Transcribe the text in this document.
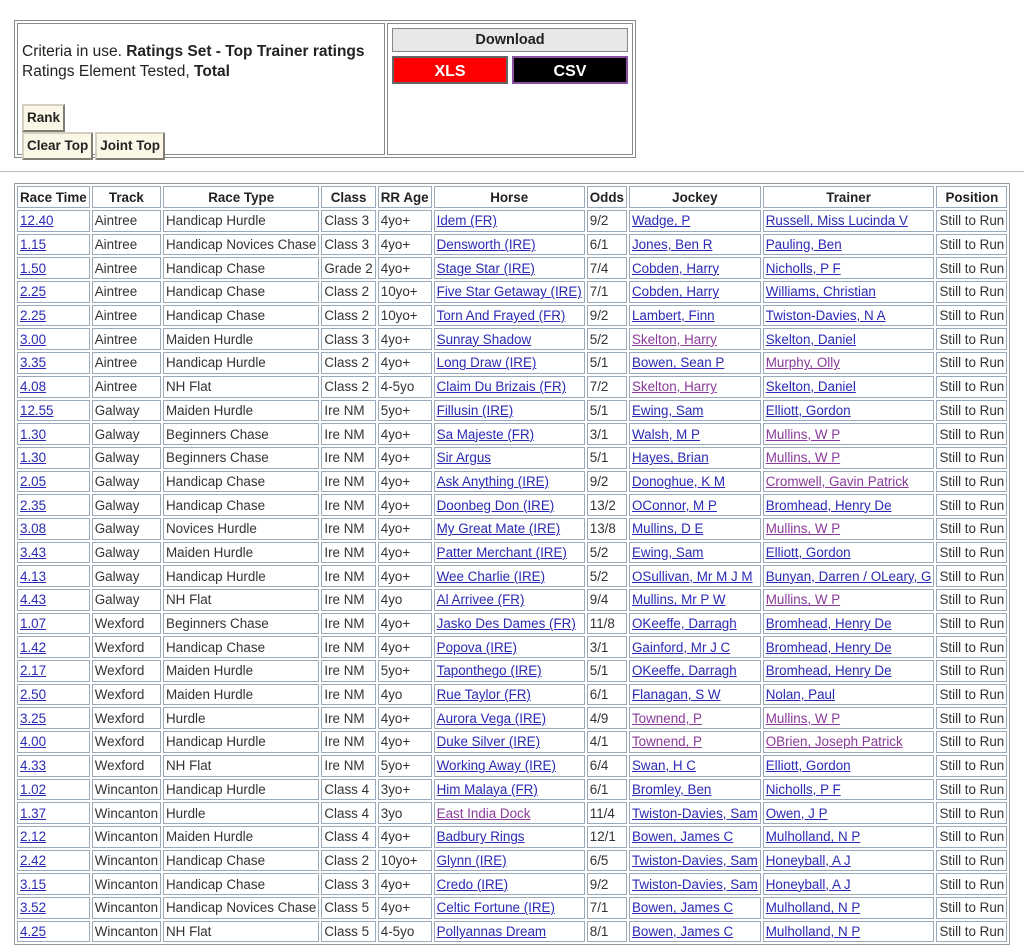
Criteria in use. Ratings Set - Top Trainer ratings
Ratings Element Tested, Total
Rank
Clear Top Joint Top
Download
XLS	CSV
Race Time	Track	Race Type	Class	RR Age	Horse	Odds	Jockey	Trainer	Position
12.40	Aintree	Handicap Hurdle	Class 3	4yo+	Idem (FR)	9/2	Wadge, P	Russell, Miss Lucinda V	Still to Run
1.15	Aintree	Handicap Novices Chase	Class 3	4yo+	Densworth (IRE)	6/1	Jones, Ben R	Pauling, Ben	Still to Run
1.50	Aintree	Handicap Chase	Grade 2	4yo+	Stage Star (IRE)	7/4	Cobden, Harry	Nicholls, P F	Still to Run
2.25	Aintree	Handicap Chase	Class 2	10yo+	Five Star Getaway (IRE)	7/1	Cobden, Harry	Williams, Christian	Still to Run
2.25	Aintree	Handicap Chase	Class 2	10yo+	Torn And Frayed (FR)	9/2	Lambert, Finn	Twiston-Davies, N A	Still to Run
3.00	Aintree	Maiden Hurdle	Class 3	4yo+	Sunray Shadow	5/2	Skelton, Harry	Skelton, Daniel	Still to Run
3.35	Aintree	Handicap Hurdle	Class 2	4yo+	Long Draw (IRE)	5/1	Bowen, Sean P	Murphy, Olly	Still to Run
4.08	Aintree	NH Flat	Class 2	4-5yo	Claim Du Brizais (FR)	7/2	Skelton, Harry	Skelton, Daniel	Still to Run
12.55	Galway	Maiden Hurdle	Ire NM	5yo+	Fillusin (IRE)	5/1	Ewing, Sam	Elliott, Gordon	Still to Run
1.30	Galway	Beginners Chase	Ire NM	4yo+	Sa Majeste (FR)	3/1	Walsh, M P	Mullins, W P	Still to Run
1.30	Galway	Beginners Chase	Ire NM	4yo+	Sir Argus	5/1	Hayes, Brian	Mullins, W P	Still to Run
2.05	Galway	Handicap Chase	Ire NM	4yo+	Ask Anything (IRE)	9/2	Donoghue, K M	Cromwell, Gavin Patrick	Still to Run
2.35	Galway	Handicap Chase	Ire NM	4yo+	Doonbeg Don (IRE)	13/2	OConnor, M P	Bromhead, Henry De	Still to Run
3.08	Galway	Novices Hurdle	Ire NM	4yo+	My Great Mate (IRE)	13/8	Mullins, D E	Mullins, W P	Still to Run
3.43	Galway	Maiden Hurdle	Ire NM	4yo+	Patter Merchant (IRE)	5/2	Ewing, Sam	Elliott, Gordon	Still to Run
4.13	Galway	Handicap Hurdle	Ire NM	4yo+	Wee Charlie (IRE)	5/2	OSullivan, Mr M J M	Bunyan, Darren / OLeary, G	Still to Run
4.43	Galway	NH Flat	Ire NM	4yo	Al Arrivee (FR)	9/4	Mullins, Mr P W	Mullins, W P	Still to Run
1.07	Wexford	Beginners Chase	Ire NM	4yo+	Jasko Des Dames (FR)	11/8	OKeeffe, Darragh	Bromhead, Henry De	Still to Run
1.42	Wexford	Handicap Chase	Ire NM	4yo+	Popova (IRE)	3/1	Gainford, Mr J C	Bromhead, Henry De	Still to Run
2.17	Wexford	Maiden Hurdle	Ire NM	5yo+	Taponthego (IRE)	5/1	OKeeffe, Darragh	Bromhead, Henry De	Still to Run
2.50	Wexford	Maiden Hurdle	Ire NM	4yo	Rue Taylor (FR)	6/1	Flanagan, S W	Nolan, Paul	Still to Run
3.25	Wexford	Hurdle	Ire NM	4yo+	Aurora Vega (IRE)	4/9	Townend, P	Mullins, W P	Still to Run
4.00	Wexford	Handicap Hurdle	Ire NM	4yo+	Duke Silver (IRE)	4/1	Townend, P	OBrien, Joseph Patrick	Still to Run
4.33	Wexford	NH Flat	Ire NM	5yo+	Working Away (IRE)	6/4	Swan, H C	Elliott, Gordon	Still to Run
1.02	Wincanton	Handicap Hurdle	Class 4	3yo+	Him Malaya (FR)	6/1	Bromley, Ben	Nicholls, P F	Still to Run
1.37	Wincanton	Hurdle	Class 4	3yo	East India Dock	11/4	Twiston-Davies, Sam	Owen, J P	Still to Run
2.12	Wincanton	Maiden Hurdle	Class 4	4yo+	Badbury Rings	12/1	Bowen, James C	Mulholland, N P	Still to Run
2.42	Wincanton	Handicap Chase	Class 2	10yo+	Glynn (IRE)	6/5	Twiston-Davies, Sam	Honeyball, A J	Still to Run
3.15	Wincanton	Handicap Chase	Class 3	4yo+	Credo (IRE)	9/2	Twiston-Davies, Sam	Honeyball, A J	Still to Run
3.52	Wincanton	Handicap Novices Chase	Class 5	4yo+	Celtic Fortune (IRE)	7/1	Bowen, James C	Mulholland, N P	Still to Run
4.25	Wincanton	NH Flat	Class 5	4-5yo	Pollyannas Dream	8/1	Bowen, James C	Mulholland, N P	Still to Run
